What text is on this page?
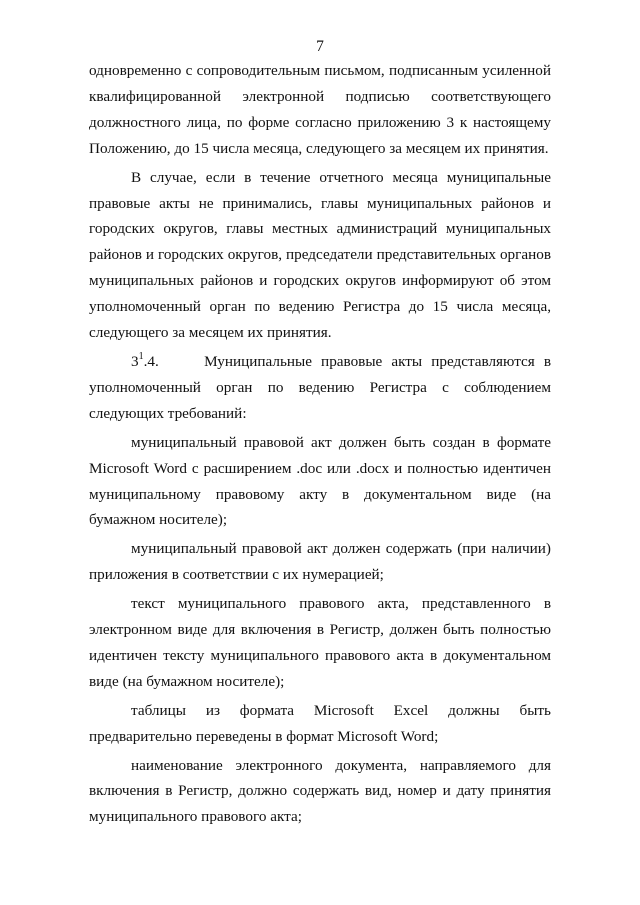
7

одновременно с сопроводительным письмом, подписанным усиленной квалифицированной электронной подписью соответствующего должностного лица, по форме согласно приложению 3 к настоящему Положению, до 15 числа месяца, следующего за месяцем их принятия.

В случае, если в течение отчетного месяца муниципальные правовые акты не принимались, главы муниципальных районов и городских округов, главы местных администраций муниципальных районов и городских округов, председатели представительных органов муниципальных районов и городских округов информируют об этом уполномоченный орган по ведению Регистра до 15 числа месяца, следующего за месяцем их принятия.

$3^1.4$.	Муниципальные правовые акты представляются в уполномоченный орган по ведению Регистра с соблюдением следующих требований:

муниципальный правовой акт должен быть создан в формате Microsoft Word с расширением .doc или .docx и полностью идентичен муниципальному правовому акту в документальном виде (на бумажном носителе);

муниципальный правовой акт должен содержать (при наличии) приложения в соответствии с их нумерацией;

текст муниципального правового акта, представленного в электронном виде для включения в Регистр, должен быть полностью идентичен тексту муниципального правового акта в документальном виде (на бумажном носителе);

таблицы из формата Microsoft Excel должны быть предварительно переведены в формат Microsoft Word;

наименование электронного документа, направляемого для включения в Регистр, должно содержать вид, номер и дату принятия муниципального правового акта;
